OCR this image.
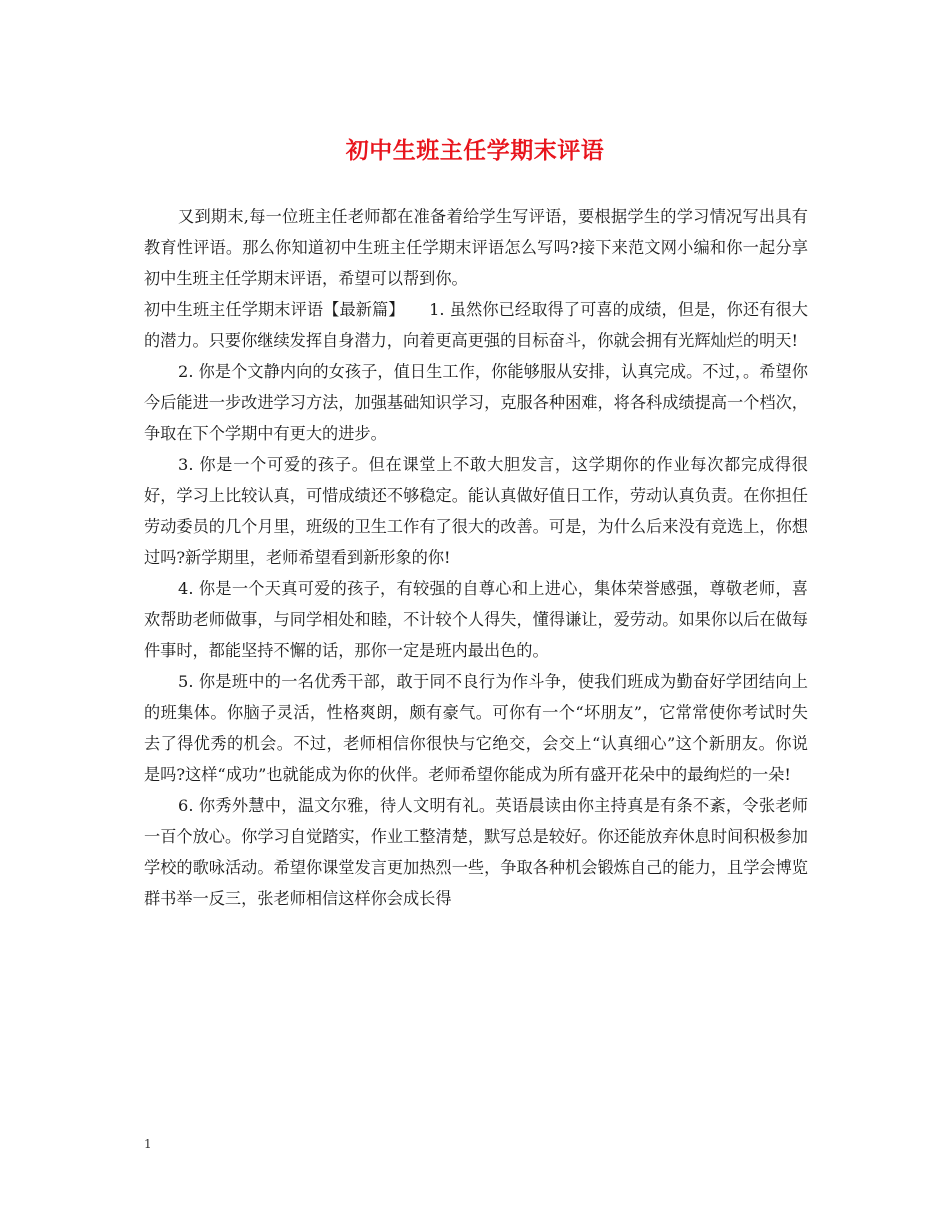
初中生班主任学期末评语

又到期末,每一位班主任老师都在准备着给学生写评语，要根据学生的学习情况写出具有教育性评语。那么你知道初中生班主任学期末评语怎么写吗?接下来范文网小编和你一起分享初中生班主任学期末评语，希望可以帮到你。

初中生班主任学期末评语【最新篇】　　1. 虽然你已经取得了可喜的成绩，但是，你还有很大的潜力。只要你继续发挥自身潜力，向着更高更强的目标奋斗，你就会拥有光辉灿烂的明天!

2. 你是个文静内向的女孩子，值日生工作，你能够服从安排，认真完成。不过，。希望你今后能进一步改进学习方法，加强基础知识学习，克服各种困难，将各科成绩提高一个档次，争取在下个学期中有更大的进步。

3. 你是一个可爱的孩子。但在课堂上不敢大胆发言，这学期你的作业每次都完成得很好，学习上比较认真，可惜成绩还不够稳定。能认真做好值日工作，劳动认真负责。在你担任劳动委员的几个月里，班级的卫生工作有了很大的改善。可是，为什么后来没有竞选上，你想过吗?新学期里，老师希望看到新形象的你!

4. 你是一个天真可爱的孩子，有较强的自尊心和上进心，集体荣誉感强，尊敬老师，喜欢帮助老师做事，与同学相处和睦，不计较个人得失，懂得谦让，爱劳动。如果你以后在做每件事时，都能坚持不懈的话，那你一定是班内最出色的。

5. 你是班中的一名优秀干部，敢于同不良行为作斗争，使我们班成为勤奋好学团结向上的班集体。你脑子灵活，性格爽朗，颇有豪气。可你有一个“坏朋友”，它常常使你考试时失去了得优秀的机会。不过，老师相信你很快与它绝交，会交上“认真细心”这个新朋友。你说是吗?这样“成功”也就能成为你的伙伴。老师希望你能成为所有盛开花朵中的最绚烂的一朵!

6. 你秀外慧中，温文尔雅，待人文明有礼。英语晨读由你主持真是有条不紊，令张老师一百个放心。你学习自觉踏实，作业工整清楚，默写总是较好。你还能放弃休息时间积极参加学校的歌咏活动。希望你课堂发言更加热烈一些，争取各种机会锻炼自己的能力，且学会博览群书举一反三，张老师相信这样你会成长得

1
